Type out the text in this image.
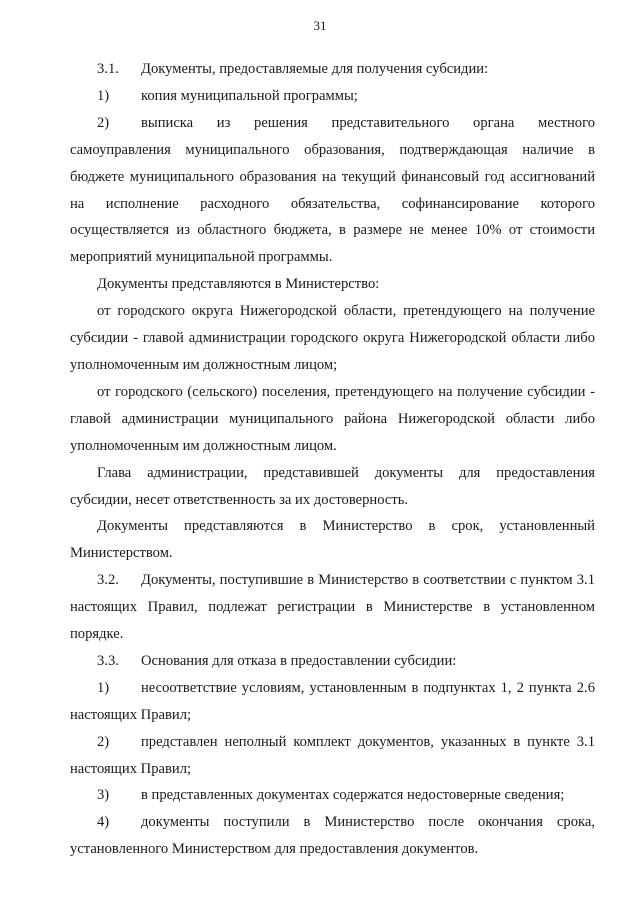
31

3.1. Документы, предоставляемые для получения субсидии:

1) копия муниципальной программы;

2) выписка из решения представительного органа местного самоуправления муниципального образования, подтверждающая наличие в бюджете муниципального образования на текущий финансовый год ассигнований на исполнение расходного обязательства, софинансирование которого осуществляется из областного бюджета, в размере не менее 10% от стоимости мероприятий муниципальной программы.

Документы представляются в Министерство:

от городского округа Нижегородской области, претендующего на получение субсидии - главой администрации городского округа Нижегородской области либо уполномоченным им должностным лицом;

от городского (сельского) поселения, претендующего на получение субсидии - главой администрации муниципального района Нижегородской области либо уполномоченным им должностным лицом.

Глава администрации, представившей документы для предоставления субсидии, несет ответственность за их достоверность.

Документы представляются в Министерство в срок, установленный Министерством.

3.2. Документы, поступившие в Министерство в соответствии с пунктом 3.1 настоящих Правил, подлежат регистрации в Министерстве в установленном порядке.

3.3. Основания для отказа в предоставлении субсидии:

1) несоответствие условиям, установленным в подпунктах 1, 2 пункта 2.6 настоящих Правил;

2) представлен неполный комплект документов, указанных в пункте 3.1 настоящих Правил;

3) в представленных документах содержатся недостоверные сведения;

4) документы поступили в Министерство после окончания срока, установленного Министерством для предоставления документов.
